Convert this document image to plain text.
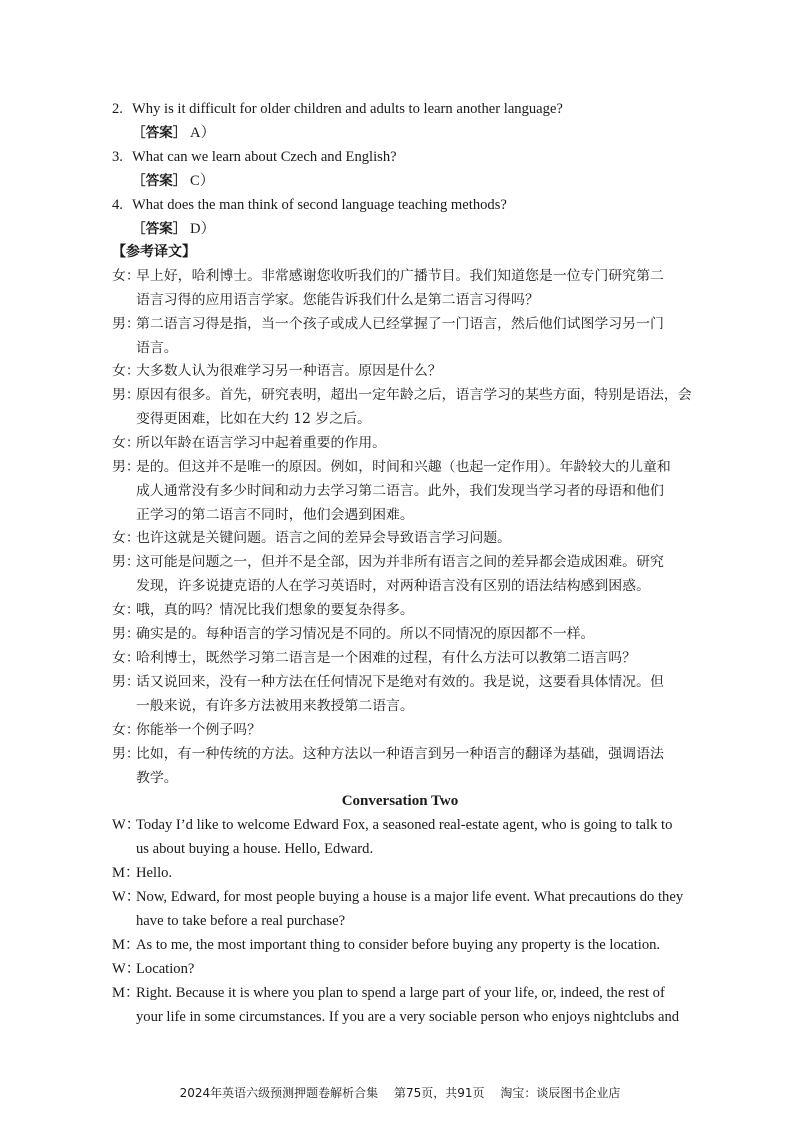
2. Why is it difficult for older children and adults to learn another language?
［答案］ A）
3. What can we learn about Czech and English?
［答案］ C）
4. What does the man think of second language teaching methods?
［答案］ D）
【参考译文】
女：早上好，哈利博士。非常感谢您收听我们的广播节目。我们知道您是一位专门研究第二
语言习得的应用语言学家。您能告诉我们什么是第二语言习得吗？
男：第二语言习得是指，当一个孩子或成人已经掌握了一门语言，然后他们试图学习另一门
语言。
女：大多数人认为很难学习另一种语言。原因是什么？
男：原因有很多。首先，研究表明，超出一定年龄之后，语言学习的某些方面，特别是语法，会
变得更困难，比如在大约 12 岁之后。
女：所以年龄在语言学习中起着重要的作用。
男：是的。但这并不是唯一的原因。例如，时间和兴趣（也起一定作用）。年龄较大的儿童和
成人通常没有多少时间和动力去学习第二语言。此外，我们发现当学习者的母语和他们
正学习的第二语言不同时，他们会遇到困难。
女：也许这就是关键问题。语言之间的差异会导致语言学习问题。
男：这可能是问题之一，但并不是全部，因为并非所有语言之间的差异都会造成困难。研究
发现，许多说捷克语的人在学习英语时，对两种语言没有区别的语法结构感到困惑。
女：哦，真的吗？情况比我们想象的要复杂得多。
男：确实是的。每种语言的学习情况是不同的。所以不同情况的原因都不一样。
女：哈利博士，既然学习第二语言是一个困难的过程，有什么方法可以教第二语言吗？
男：话又说回来，没有一种方法在任何情况下是绝对有效的。我是说，这要看具体情况。但
一般来说，有许多方法被用来教授第二语言。
女：你能举一个例子吗？
男：比如，有一种传统的方法。这种方法以一种语言到另一种语言的翻译为基础，强调语法
教学。
Conversation Two
W：Today I’d like to welcome Edward Fox, a seasoned real-estate agent, who is going to talk to
us about buying a house. Hello, Edward.
M：Hello.
W：Now, Edward, for most people buying a house is a major life event. What precautions do they
have to take before a real purchase?
M：As to me, the most important thing to consider before buying any property is the location.
W：Location?
M：Right. Because it is where you plan to spend a large part of your life, or, indeed, the rest of
your life in some circumstances. If you are a very sociable person who enjoys nightclubs and
2024年英语六级预测押题卷解析合集 第75页，共91页 淘宝：谈辰图书企业店
